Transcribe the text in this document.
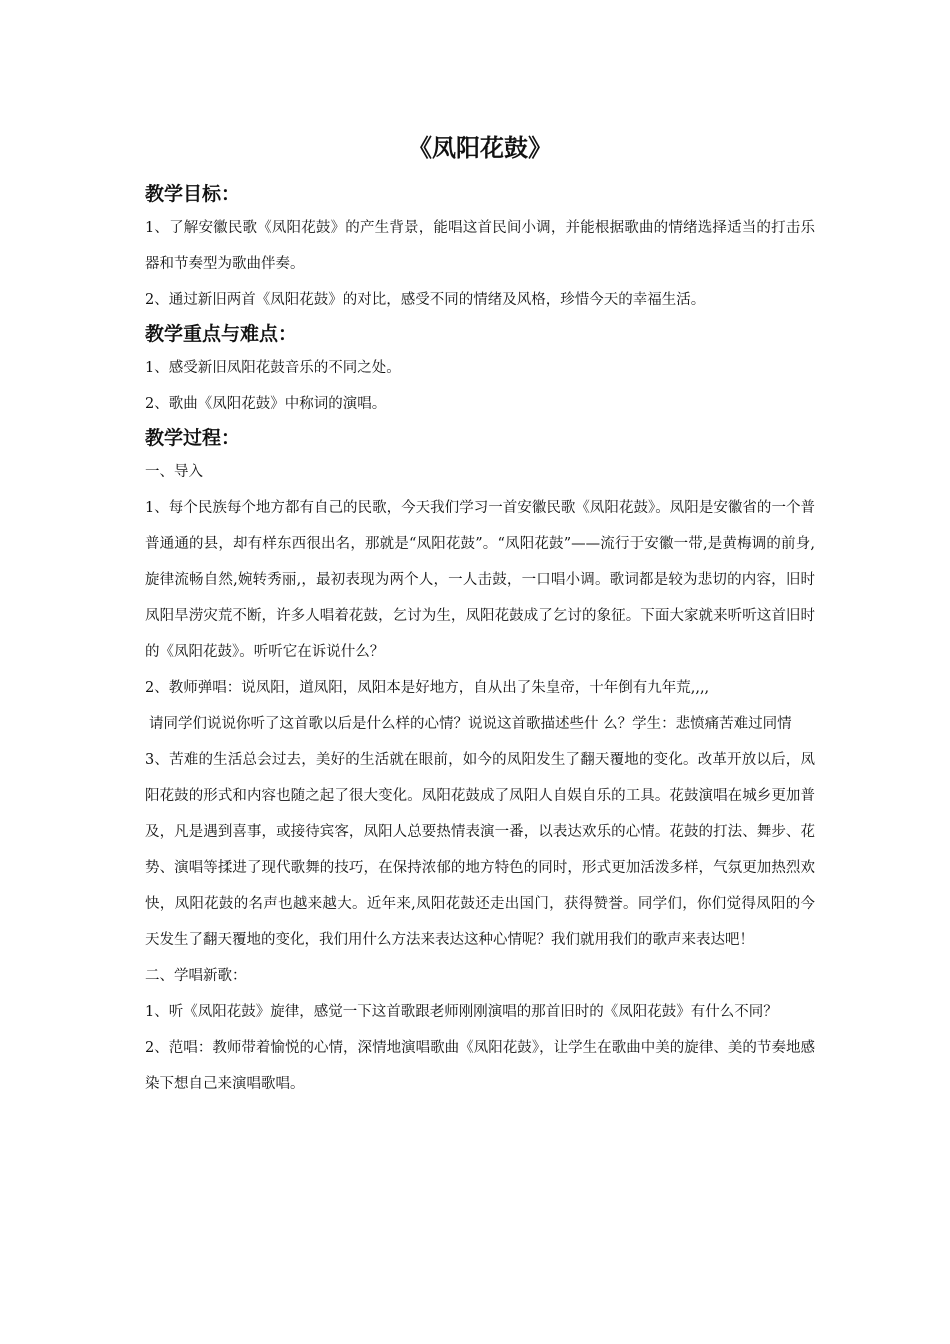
《凤阳花鼓》
教学目标：

1、了解安徽民歌《凤阳花鼓》的产生背景，能唱这首民间小调，并能根据歌曲的情绪选择适当的打击乐器和节奏型为歌曲伴奏。

2、通过新旧两首《凤阳花鼓》的对比，感受不同的情绪及风格，珍惜今天的幸福生活。

教学重点与难点：

1、感受新旧凤阳花鼓音乐的不同之处。

2、歌曲《凤阳花鼓》中称词的演唱。

教学过程：

一、导入

1、每个民族每个地方都有自己的民歌，今天我们学习一首安徽民歌《凤阳花鼓》。凤阳是安徽省的一个普普通通的县，却有样东西很出名，那就是“凤阳花鼓”。“凤阳花鼓”——流行于安徽一带,是黄梅调的前身,旋律流畅自然,婉转秀丽,，最初表现为两个人，一人击鼓，一口唱小调。歌词都是较为悲切的内容，旧时凤阳旱涝灾荒不断，许多人唱着花鼓，乞讨为生，凤阳花鼓成了乞讨的象征。下面大家就来听听这首旧时的《凤阳花鼓》。听听它在诉说什么？

2、教师弹唱：说凤阳，道凤阳，凤阳本是好地方，自从出了朱皇帝，十年倒有九年荒,,,,

请同学们说说你听了这首歌以后是什么样的心情？说说这首歌描述些什 么？学生：悲愤痛苦难过同情

3、苦难的生活总会过去，美好的生活就在眼前，如今的凤阳发生了翻天覆地的变化。改革开放以后，凤阳花鼓的形式和内容也随之起了很大变化。凤阳花鼓成了凤阳人自娱自乐的工具。花鼓演唱在城乡更加普及，凡是遇到喜事，或接待宾客，凤阳人总要热情表演一番，以表达欢乐的心情。花鼓的打法、舞步、花势、演唱等揉进了现代歌舞的技巧，在保持浓郁的地方特色的同时，形式更加活泼多样，气氛更加热烈欢快，凤阳花鼓的名声也越来越大。近年来,凤阳花鼓还走出国门，获得赞誉。同学们，你们觉得凤阳的今天发生了翻天覆地的变化，我们用什么方法来表达这种心情呢？我们就用我们的歌声来表达吧！

二、学唱新歌：

1、听《凤阳花鼓》旋律，感觉一下这首歌跟老师刚刚演唱的那首旧时的《凤阳花鼓》有什么不同？

2、范唱：教师带着愉悦的心情，深情地演唱歌曲《凤阳花鼓》，让学生在歌曲中美的旋律、美的节奏地感染下想自己来演唱歌唱。
